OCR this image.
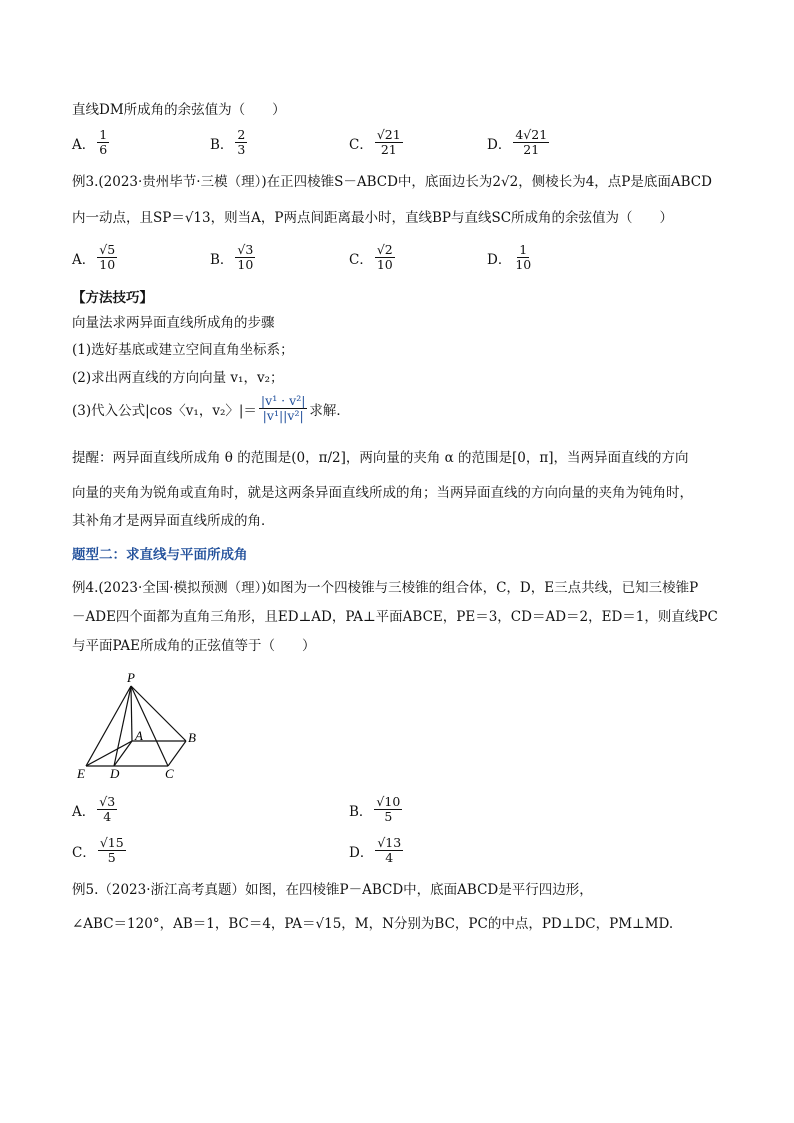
直线DM所成角的余弦值为（　　）
A． $\frac{1}{6}$	B． $\frac{2}{3}$	C． $\frac{√21}{21}$	D． $\frac{4√21}{21}$
例3.(2023·贵州毕节·三模（理）)在正四棱锥S－ABCD中，底面边长为2√2，侧棱长为4，点P是底面ABCD
内一动点，且SP＝√13，则当A，P两点间距离最小时，直线BP与直线SC所成角的余弦值为（　　）
A． $\frac{√5}{10}$	B． $\frac{√3}{10}$	C． $\frac{√2}{10}$	D． $\frac{1}{10}$
【方法技巧】
向量法求两异面直线所成角的步骤
(1)选好基底或建立空间直角坐标系；
(2)求出两直线的方向向量 v₁，v₂；
(3)代入公式|cos〈v₁，v₂〉|＝ $\frac{\text{|v¹ · v²|}}{\text{|v¹||v²|}}$ 求解．
提醒：两异面直线所成角 θ 的范围是(0，π/2]，两向量的夹角 α 的范围是[0，π]，当两异面直线的方向
向量的夹角为锐角或直角时，就是这两条异面直线所成的角；当两异面直线的方向向量的夹角为钝角时，
其补角才是两异面直线所成的角．
题型二：求直线与平面所成角
例4.(2023·全国·模拟预测（理）)如图为一个四棱锥与三棱锥的组合体，C，D，E三点共线，已知三棱锥P
－ADE四个面都为直角三角形，且ED⊥AD，PA⊥平面ABCE，PE＝3，CD＝AD＝2，ED＝1，则直线PC
与平面PAE所成角的正弦值等于（　　）
P
A	B
C
D
E
A． $\frac{√3}{4}$	B． $\frac{√10}{5}$
C． $\frac{√15}{5}$	D． $\frac{√13}{4}$
例5.（2023·浙江高考真题）如图，在四棱锥P－ABCD中，底面ABCD是平行四边形，
∠ABC＝120°，AB＝1，BC＝4，PA＝√15，M，N分别为BC，PC的中点，PD⊥DC，PM⊥MD.
